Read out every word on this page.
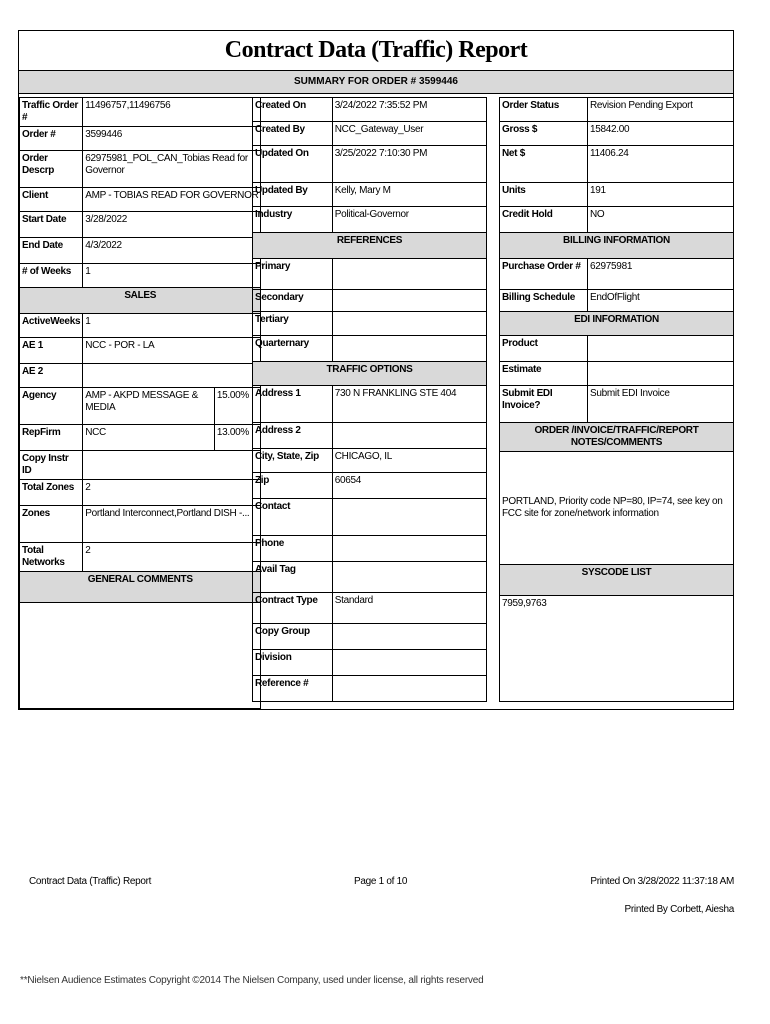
Contract Data (Traffic) Report
SUMMARY FOR ORDER # 3599446
Traffic Order #	11496757,11496756	
Order #	3599446	
Order Descrp	62975981_POL_CAN_Tobias Read for Governor	
Client	AMP - TOBIAS READ FOR GOVERNOR	
Start Date	3/28/2022	
End Date	4/3/2022	
# of Weeks	1	
SALES		
ActiveWeeks	1	
AE 1	NCC - POR - LA	
AE 2		
Agency	AMP - AKPD MESSAGE & MEDIA	15.00%
RepFirm	NCC	13.00%
Copy Instr ID		
Total Zones	2	
Zones	Portland Interconnect,Portland DISH -...	
Total Networks	2	
GENERAL COMMENTS		

Created On	3/24/2022 7:35:52 PM
Created By	NCC_Gateway_User
Updated On	3/25/2022 7:10:30 PM
Updated By	Kelly, Mary M
Industry	Political-Governor
REFERENCES	
Primary	
Secondary	
Tertiary	
Quarternary	
TRAFFIC OPTIONS	
Address 1	730 N FRANKLING STE 404
Address 2	
City, State, Zip	CHICAGO, IL
Zip	60654
Contact	
Phone	
Avail Tag	
Contract Type	Standard
Copy Group	
Division	
Reference #	
Order Status	Revision Pending Export
Gross $	15842.00
Net $	11406.24
Units	191
Credit Hold	NO
BILLING INFORMATION	
Purchase Order #	62975981
Billing Schedule	EndOfFlight
EDI INFORMATION	
Product	
Estimate	
Submit EDI Invoice?	Submit EDI Invoice
ORDER /INVOICE/TRAFFIC/REPORT NOTES/COMMENTS	
PORTLAND, Priority code NP=80, IP=74, see key on FCC site for zone/network information	
SYSCODE LIST	
7959,9763	
Contract Data (Traffic) Report	Page 1 of 10	Printed On 3/28/2022 11:37:18 AM
Printed By Corbett, Aiesha
**Nielsen Audience Estimates Copyright ©2014 The Nielsen Company, used under license, all rights reserved
